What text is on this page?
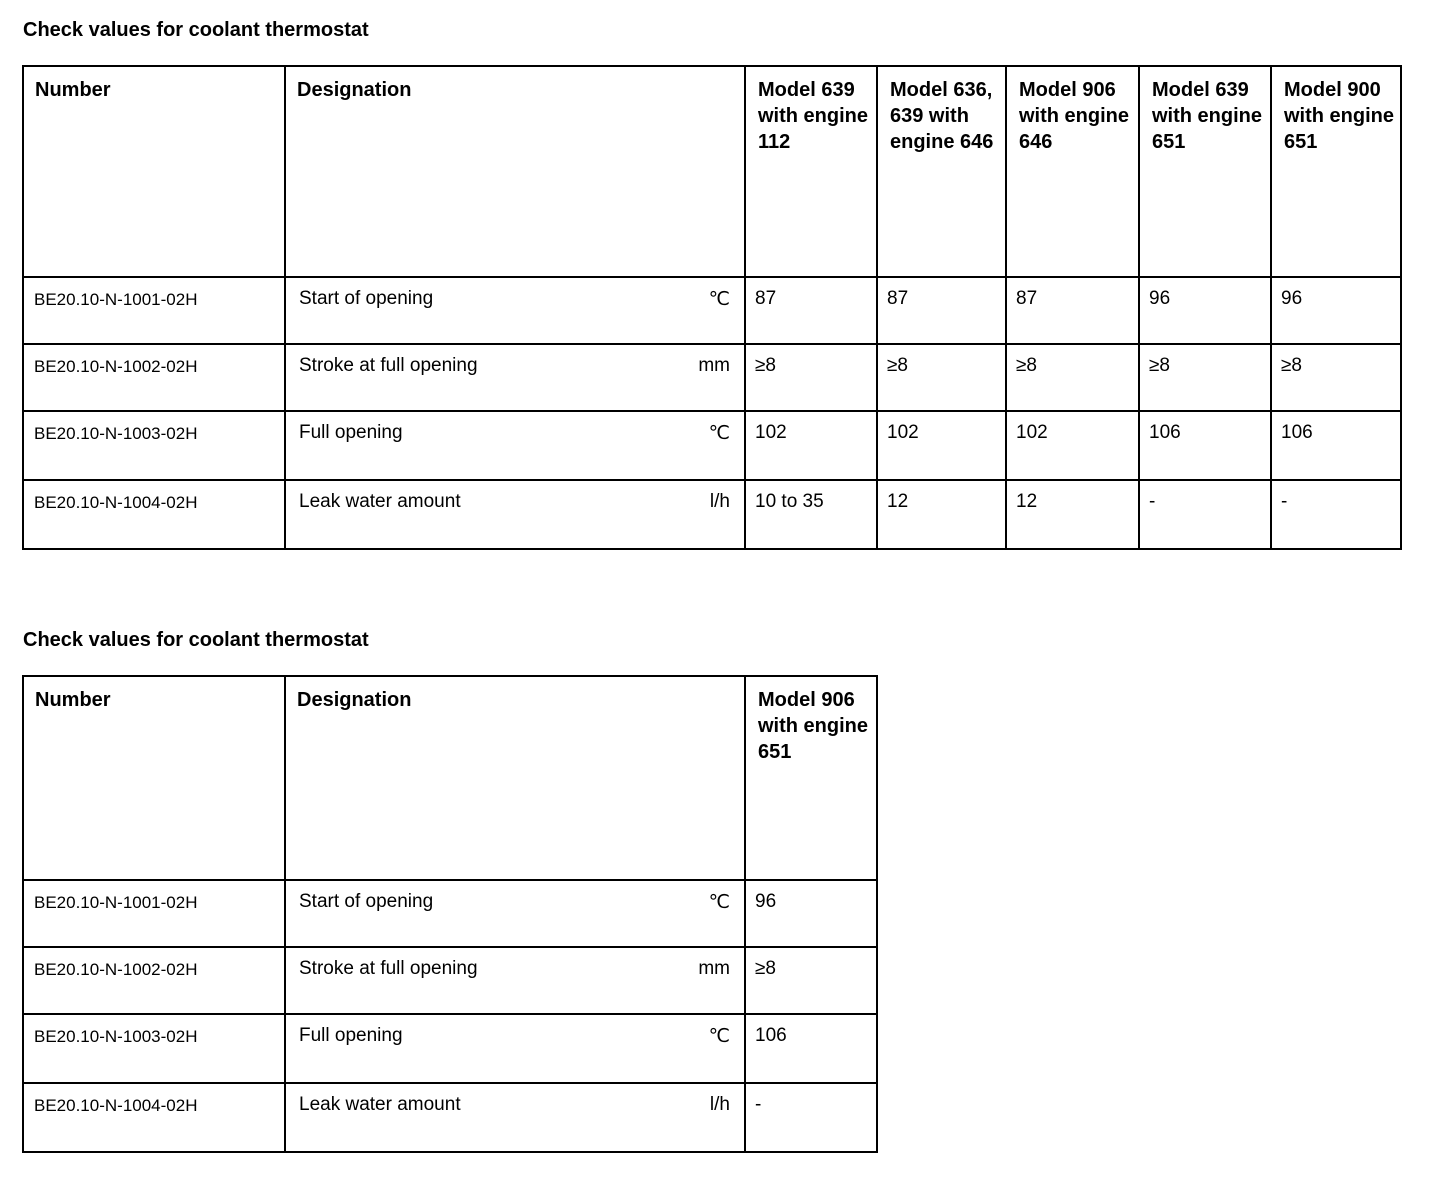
Check values for coolant thermostat
Number	Designation	Model 639 with engine 112	Model 636, 639 with engine 646	Model 906 with engine 646	Model 639 with engine 651	Model 900 with engine 651
BE20.10-N-1001-02H	Start of opening ℃	87	87	87	96	96
BE20.10-N-1002-02H	Stroke at full opening mm	≥8	≥8	≥8	≥8	≥8
BE20.10-N-1003-02H	Full opening ℃	102	102	102	106	106
BE20.10-N-1004-02H	Leak water amount l/h	10 to 35	12	12	-	-
Check values for coolant thermostat
Number	Designation	Model 906 with engine 651
BE20.10-N-1001-02H	Start of opening ℃	96
BE20.10-N-1002-02H	Stroke at full opening mm	≥8
BE20.10-N-1003-02H	Full opening ℃	106
BE20.10-N-1004-02H	Leak water amount l/h	-
